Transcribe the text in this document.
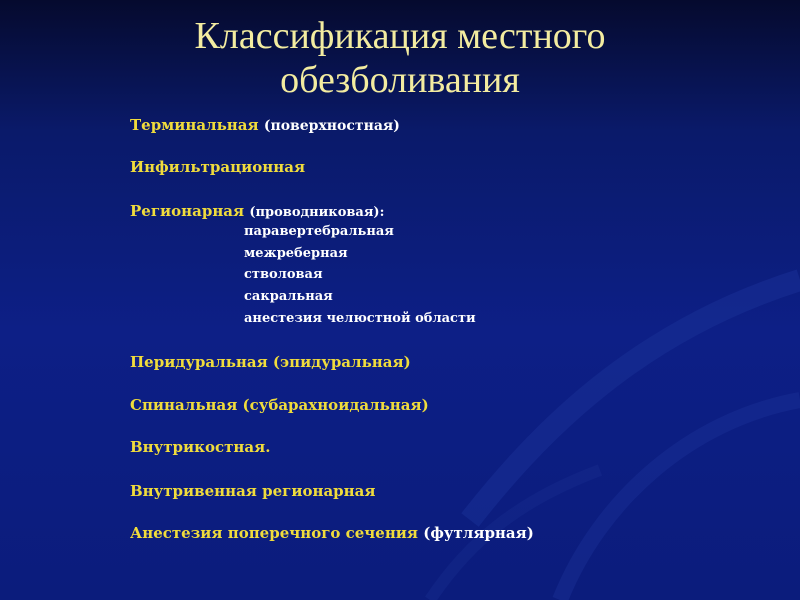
Классификация местного
обезболивания
Терминальная (поверхностная)
Инфильтрационная
Регионарная (проводниковая):
паравертебральная
межреберная
стволовая
сакральная
анестезия челюстной области
Перидуральная (эпидуральная)
Спинальная (субарахноидальная)
Внутрикостная.
Внутривенная регионарная
Анестезия поперечного сечения (футлярная)
